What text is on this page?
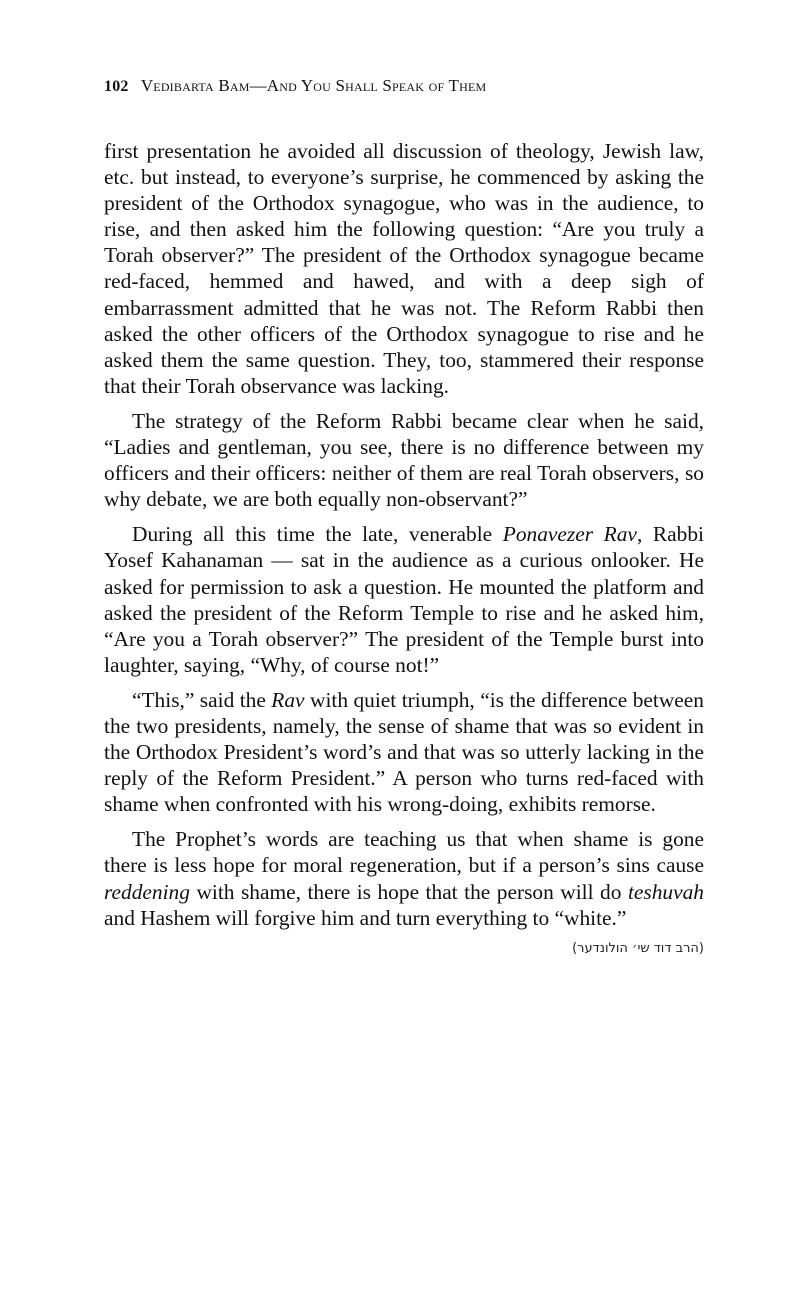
102 Vedibarta Bam—And You Shall Speak of Them

first presentation he avoided all discussion of theology, Jewish law, etc. but instead, to everyone’s surprise, he commenced by asking the president of the Orthodox synagogue, who was in the audience, to rise, and then asked him the following question: “Are you truly a Torah observer?” The president of the Orthodox synagogue became red-faced, hemmed and hawed, and with a deep sigh of embarrassment admitted that he was not. The Reform Rabbi then asked the other officers of the Orthodox synagogue to rise and he asked them the same question. They, too, stammered their response that their Torah observance was lacking.

The strategy of the Reform Rabbi became clear when he said, “Ladies and gentleman, you see, there is no difference between my officers and their officers: neither of them are real Torah observers, so why debate, we are both equally non-observant?”

During all this time the late, venerable Ponavezer Rav, Rabbi Yosef Kahanaman — sat in the audience as a curious onlooker. He asked for permission to ask a question. He mounted the platform and asked the president of the Reform Temple to rise and he asked him, “Are you a Torah observer?” The president of the Temple burst into laughter, saying, “Why, of course not!”

“This,” said the Rav with quiet triumph, “is the difference between the two presidents, namely, the sense of shame that was so evident in the Orthodox President’s word’s and that was so utterly lacking in the reply of the Reform President.” A person who turns red-faced with shame when confronted with his wrong-doing, exhibits remorse.

The Prophet’s words are teaching us that when shame is gone there is less hope for moral regeneration, but if a person’s sins cause reddening with shame, there is hope that the person will do teshuvah and Hashem will forgive him and turn everything to “white.”

(הרב דוד שי׳ הולונדער)
